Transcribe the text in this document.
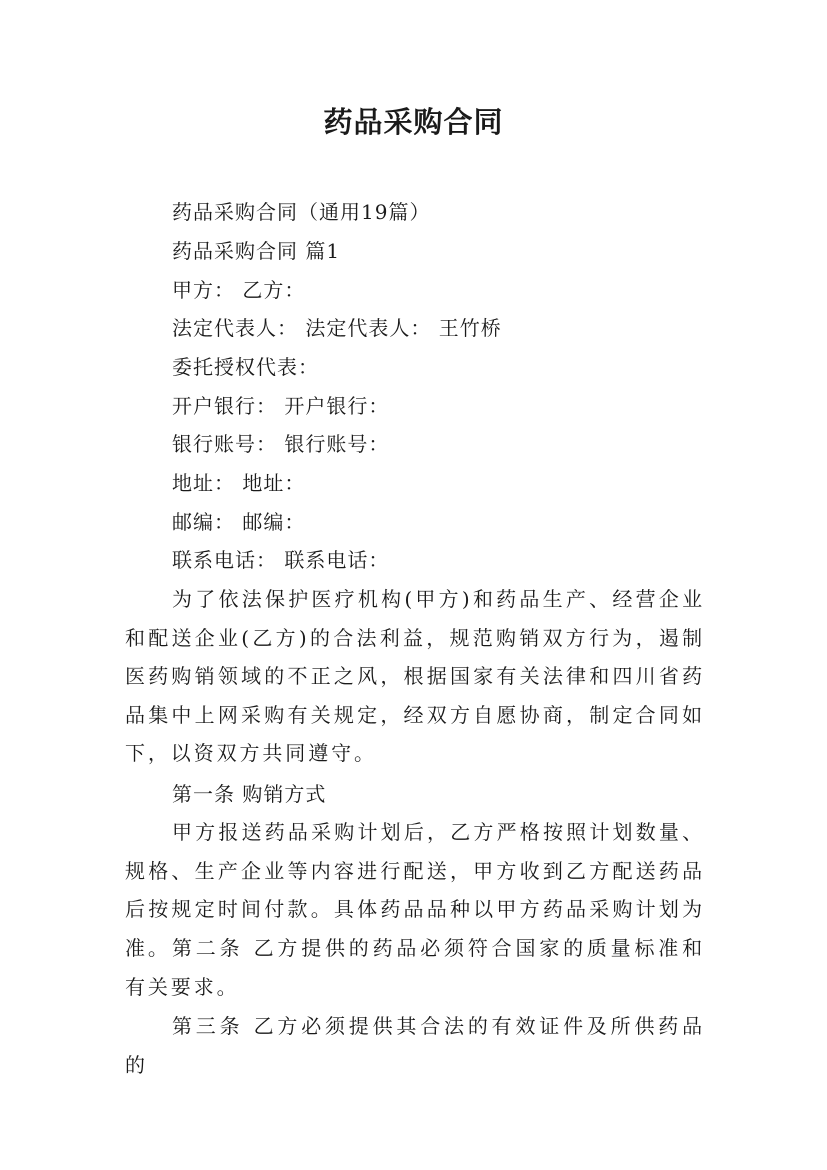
药品采购合同
药品采购合同（通用19篇）
药品采购合同 篇1
甲方： 乙方：
法定代表人： 法定代表人： 王竹桥
委托授权代表：
开户银行： 开户银行：
银行账号： 银行账号：
地址： 地址：
邮编： 邮编：
联系电话： 联系电话：
为了依法保护医疗机构(甲方)和药品生产、经营企业和配送企业(乙方)的合法利益，规范购销双方行为，遏制医药购销领域的不正之风，根据国家有关法律和四川省药品集中上网采购有关规定，经双方自愿协商，制定合同如下，以资双方共同遵守。
第一条 购销方式
甲方报送药品采购计划后，乙方严格按照计划数量、规格、生产企业等内容进行配送，甲方收到乙方配送药品后按规定时间付款。具体药品品种以甲方药品采购计划为准。 第二条 乙方提供的药品必须符合国家的质量标准和有关要求。
第三条 乙方必须提供其合法的有效证件及所供药品的
